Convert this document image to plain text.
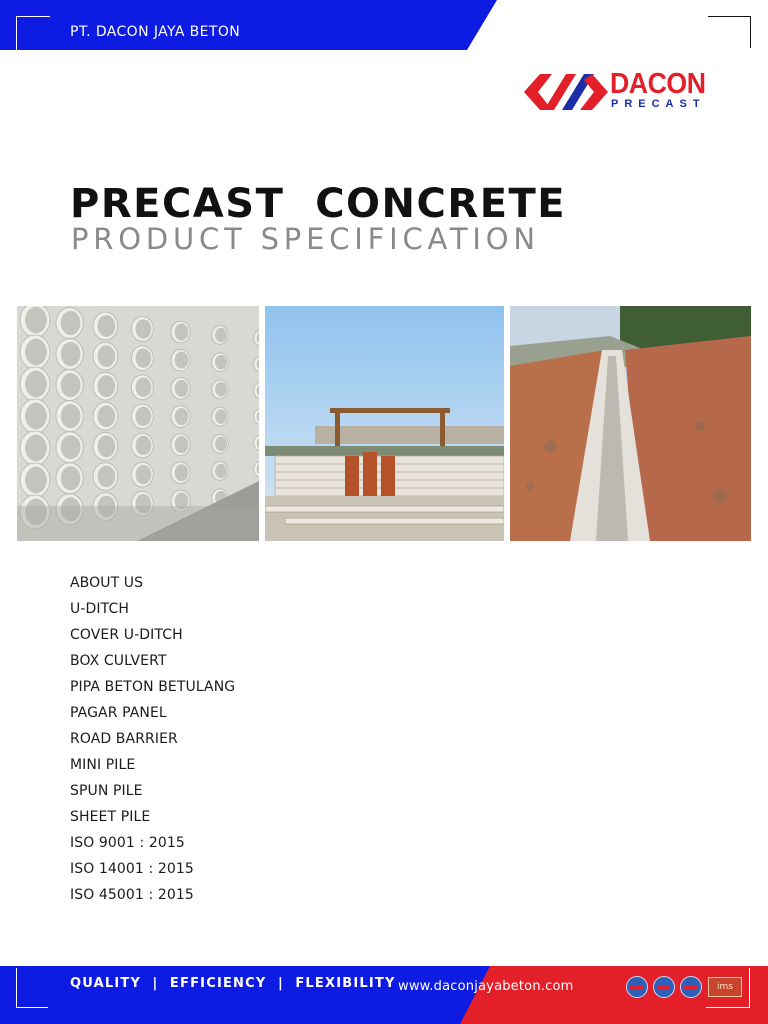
PT. DACON JAYA BETON
DACON
PRECAST
PRECAST  CONCRETE
PRODUCT SPECIFICATION
ABOUT US
U-DITCH
COVER U-DITCH
BOX CULVERT
PIPA BETON BETULANG
PAGAR PANEL
ROAD BARRIER
MINI PILE
SPUN PILE
SHEET PILE
ISO 9001 : 2015
ISO 14001 : 2015
ISO 45001 : 2015
QUALITY  |  EFFICIENCY  |  FLEXIBILITY www.daconjayabeton.com	ims
